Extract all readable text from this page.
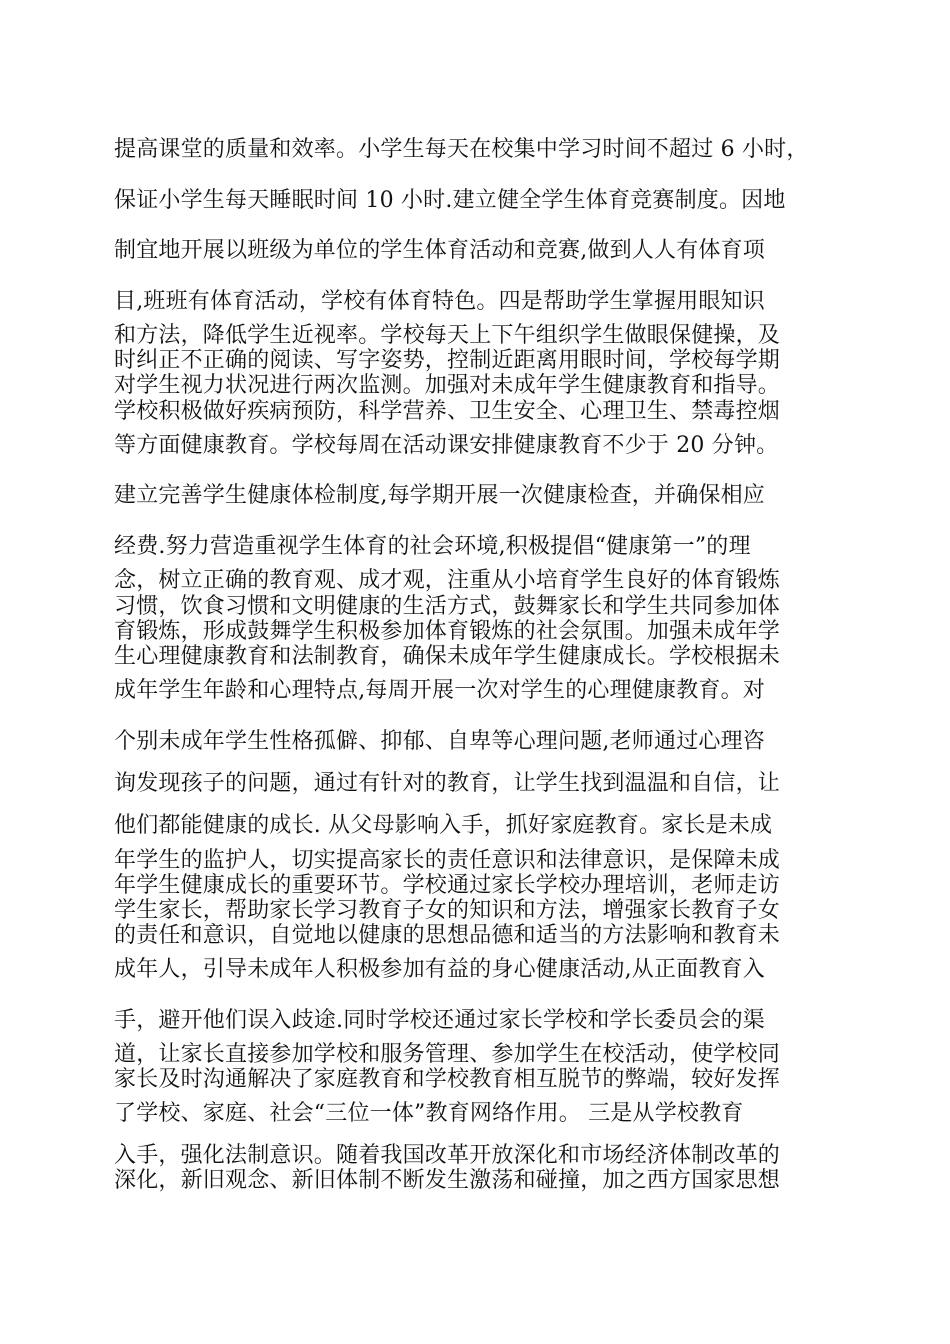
提高课堂的质量和效率。小学生每天在校集中学习时间不超过 6 小时，
保证小学生每天睡眠时间 10 小时.建立健全学生体育竞赛制度。因地
制宜地开展以班级为单位的学生体育活动和竞赛,做到人人有体育项
目,班班有体育活动，学校有体育特色。四是帮助学生掌握用眼知识
和方法，降低学生近视率。学校每天上下午组织学生做眼保健操，及
时纠正不正确的阅读、写字姿势，控制近距离用眼时间，学校每学期
对学生视力状况进行两次监测。加强对未成年学生健康教育和指导。
学校积极做好疾病预防，科学营养、卫生安全、心理卫生、禁毒控烟
等方面健康教育。学校每周在活动课安排健康教育不少于 20 分钟。
建立完善学生健康体检制度,每学期开展一次健康检查，并确保相应
经费.努力营造重视学生体育的社会环境,积极提倡“健康第一”的理
念，树立正确的教育观、成才观，注重从小培育学生良好的体育锻炼
习惯，饮食习惯和文明健康的生活方式，鼓舞家长和学生共同参加体
育锻炼，形成鼓舞学生积极参加体育锻炼的社会氛围。加强未成年学
生心理健康教育和法制教育，确保未成年学生健康成长。学校根据未
成年学生年龄和心理特点,每周开展一次对学生的心理健康教育。对
个别未成年学生性格孤僻、抑郁、自卑等心理问题,老师通过心理咨
询发现孩子的问题，通过有针对的教育，让学生找到温温和自信，让
他们都能健康的成长. 从父母影响入手，抓好家庭教育。家长是未成
年学生的监护人，切实提高家长的责任意识和法律意识，是保障未成
年学生健康成长的重要环节。学校通过家长学校办理培训，老师走访
学生家长，帮助家长学习教育子女的知识和方法，增强家长教育子女
的责任和意识，自觉地以健康的思想品德和适当的方法影响和教育未
成年人，引导未成年人积极参加有益的身心健康活动,从正面教育入
手，避开他们误入歧途.同时学校还通过家长学校和学长委员会的渠
道，让家长直接参加学校和服务管理、参加学生在校活动，使学校同
家长及时沟通解决了家庭教育和学校教育相互脱节的弊端，较好发挥
了学校、家庭、社会“三位一体”教育网络作用。 三是从学校教育
入手，强化法制意识。随着我国改革开放深化和市场经济体制改革的
深化，新旧观念、新旧体制不断发生激荡和碰撞，加之西方国家思想
